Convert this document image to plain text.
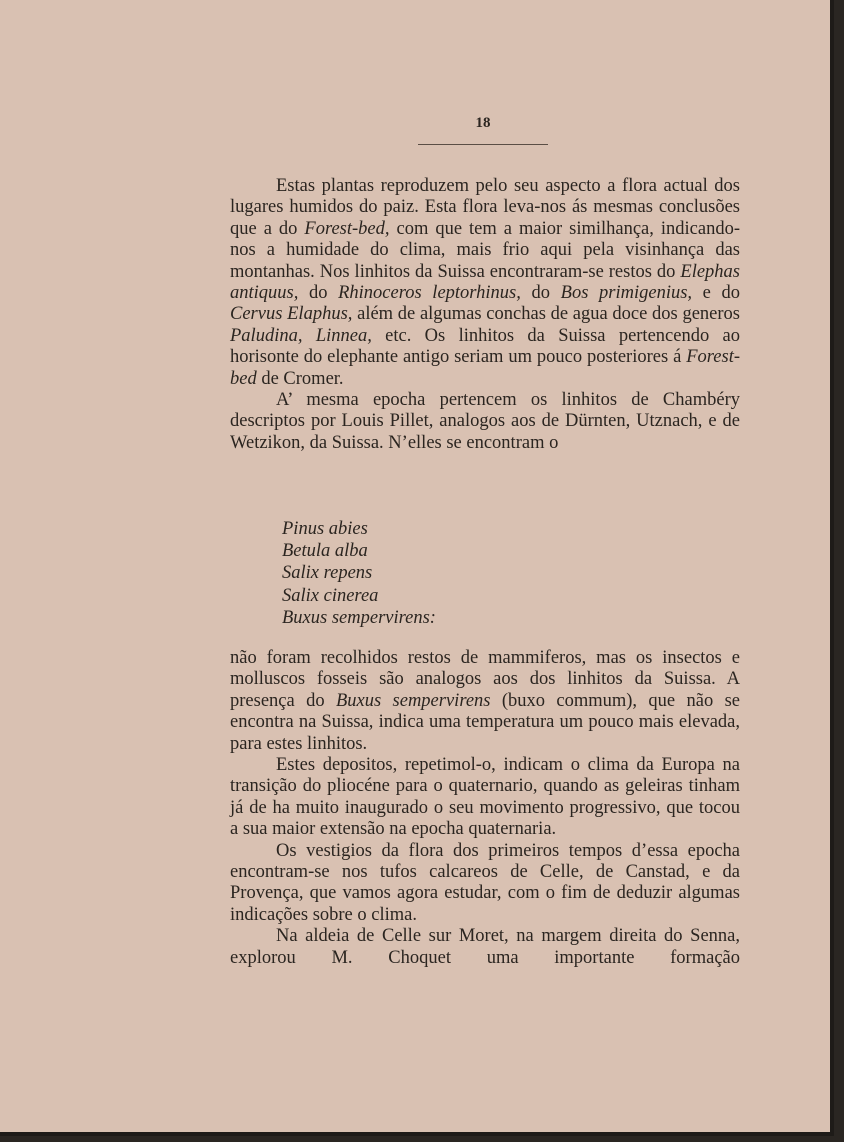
18

Estas plantas reproduzem pelo seu aspecto a flora actual dos lugares humidos do paiz. Esta flora leva-nos ás mesmas conclusões que a do Forest-bed, com que tem a maior similhança, indicando-nos a humidade do clima, mais frio aqui pela visinhança das montanhas. Nos linhitos da Suissa encontraram-se restos do Elephas antiquus, do Rhinoceros leptorhinus, do Bos primigenius, e do Cervus Elaphus, além de algumas conchas de agua doce dos generos Paludina, Linnea, etc. Os linhitos da Suissa pertencendo ao horisonte do elephante antigo seriam um pouco posteriores á Forest-bed de Cromer.

A’ mesma epocha pertencem os linhitos de Chambéry descriptos por Louis Pillet, analogos aos de Dürnten, Utznach, e de Wetzikon, da Suissa. N’elles se encontram o

Pinus abies
Betula alba
Salix repens
Salix cinerea
Buxus sempervirens:

não foram recolhidos restos de mammiferos, mas os insectos e molluscos fosseis são analogos aos dos linhitos da Suissa. A presença do Buxus sempervirens (buxo commum), que não se encontra na Suissa, indica uma temperatura um pouco mais elevada, para estes linhitos.

Estes depositos, repetimol-o, indicam o clima da Europa na transição do pliocéne para o quaternario, quando as geleiras tinham já de ha muito inaugurado o seu movimento progressivo, que tocou a sua maior extensão na epocha quaternaria.

Os vestigios da flora dos primeiros tempos d’essa epocha encontram-se nos tufos calcareos de Celle, de Canstad, e da Provença, que vamos agora estudar, com o fim de deduzir algumas indicações sobre o clima.

Na aldeia de Celle sur Moret, na margem direita do Senna, explorou M. Choquet uma importante formação
